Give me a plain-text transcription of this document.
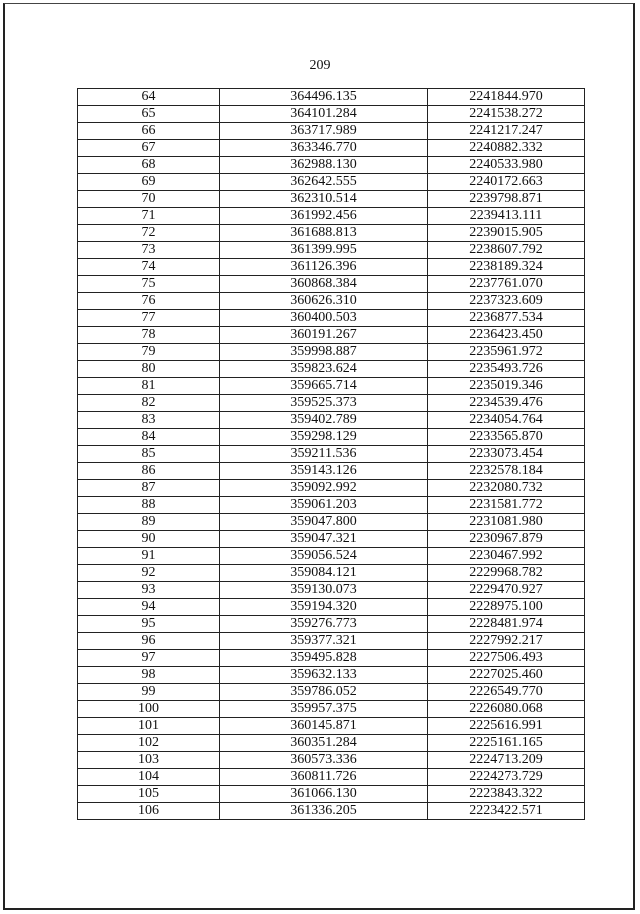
209
64	364496.135	2241844.970
65	364101.284	2241538.272
66	363717.989	2241217.247
67	363346.770	2240882.332
68	362988.130	2240533.980
69	362642.555	2240172.663
70	362310.514	2239798.871
71	361992.456	2239413.111
72	361688.813	2239015.905
73	361399.995	2238607.792
74	361126.396	2238189.324
75	360868.384	2237761.070
76	360626.310	2237323.609
77	360400.503	2236877.534
78	360191.267	2236423.450
79	359998.887	2235961.972
80	359823.624	2235493.726
81	359665.714	2235019.346
82	359525.373	2234539.476
83	359402.789	2234054.764
84	359298.129	2233565.870
85	359211.536	2233073.454
86	359143.126	2232578.184
87	359092.992	2232080.732
88	359061.203	2231581.772
89	359047.800	2231081.980
90	359047.321	2230967.879
91	359056.524	2230467.992
92	359084.121	2229968.782
93	359130.073	2229470.927
94	359194.320	2228975.100
95	359276.773	2228481.974
96	359377.321	2227992.217
97	359495.828	2227506.493
98	359632.133	2227025.460
99	359786.052	2226549.770
100	359957.375	2226080.068
101	360145.871	2225616.991
102	360351.284	2225161.165
103	360573.336	2224713.209
104	360811.726	2224273.729
105	361066.130	2223843.322
106	361336.205	2223422.571
